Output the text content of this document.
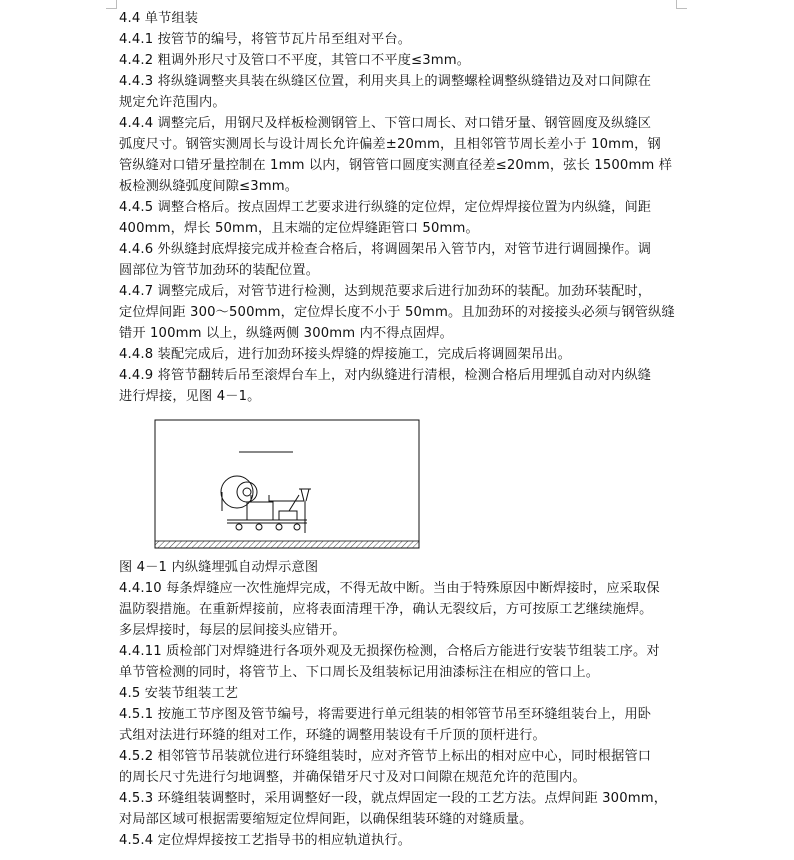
4.4 单节组装
4.4.1 按管节的编号，将管节瓦片吊至组对平台。
4.4.2 粗调外形尺寸及管口不平度，其管口不平度≤3mm。
4.4.3 将纵缝调整夹具装在纵缝区位置，利用夹具上的调整螺栓调整纵缝错边及对口间隙在
规定允许范围内。
4.4.4 调整完后，用钢尺及样板检测钢管上、下管口周长、对口错牙量、钢管圆度及纵缝区
弧度尺寸。钢管实测周长与设计周长允许偏差±20mm，且相邻管节周长差小于 10mm，钢
管纵缝对口错牙量控制在 1mm 以内，钢管管口圆度实测直径差≤20mm，弦长 1500mm 样
板检测纵缝弧度间隙≤3mm。
4.4.5 调整合格后。按点固焊工艺要求进行纵缝的定位焊，定位焊焊接位置为内纵缝，间距
400mm，焊长 50mm，且末端的定位焊缝距管口 50mm。
4.4.6 外纵缝封底焊接完成并检查合格后，将调圆架吊入管节内，对管节进行调圆操作。调
圆部位为管节加劲环的装配位置。
4.4.7 调整完成后，对管节进行检测，达到规范要求后进行加劲环的装配。加劲环装配时，
定位焊间距 300～500mm，定位焊长度不小于 50mm。且加劲环的对接接头必须与钢管纵缝
错开 100mm 以上，纵缝两侧 300mm 内不得点固焊。
4.4.8 装配完成后，进行加劲环接头焊缝的焊接施工，完成后将调圆架吊出。
4.4.9 将管节翻转后吊至滚焊台车上，对内纵缝进行清根，检测合格后用埋弧自动对内纵缝
进行焊接，见图 4－1。
图 4－1 内纵缝埋弧自动焊示意图
4.4.10 每条焊缝应一次性施焊完成，不得无故中断。当由于特殊原因中断焊接时，应采取保
温防裂措施。在重新焊接前，应将表面清理干净，确认无裂纹后，方可按原工艺继续施焊。
多层焊接时，每层的层间接头应错开。
4.4.11 质检部门对焊缝进行各项外观及无损探伤检测，合格后方能进行安装节组装工序。对
单节管检测的同时，将管节上、下口周长及组装标记用油漆标注在相应的管口上。
4.5 安装节组装工艺
4.5.1 按施工节序图及管节编号，将需要进行单元组装的相邻管节吊至环缝组装台上，用卧
式组对法进行环缝的组对工作，环缝的调整用装设有千斤顶的顶杆进行。
4.5.2 相邻管节吊装就位进行环缝组装时，应对齐管节上标出的相对应中心，同时根据管口
的周长尺寸先进行匀地调整，并确保错牙尺寸及对口间隙在规范允许的范围内。
4.5.3 环缝组装调整时，采用调整好一段，就点焊固定一段的工艺方法。点焊间距 300mm，
对局部区域可根据需要缩短定位焊间距，以确保组装环缝的对缝质量。
4.5.4 定位焊焊接按工艺指导书的相应轨道执行。
